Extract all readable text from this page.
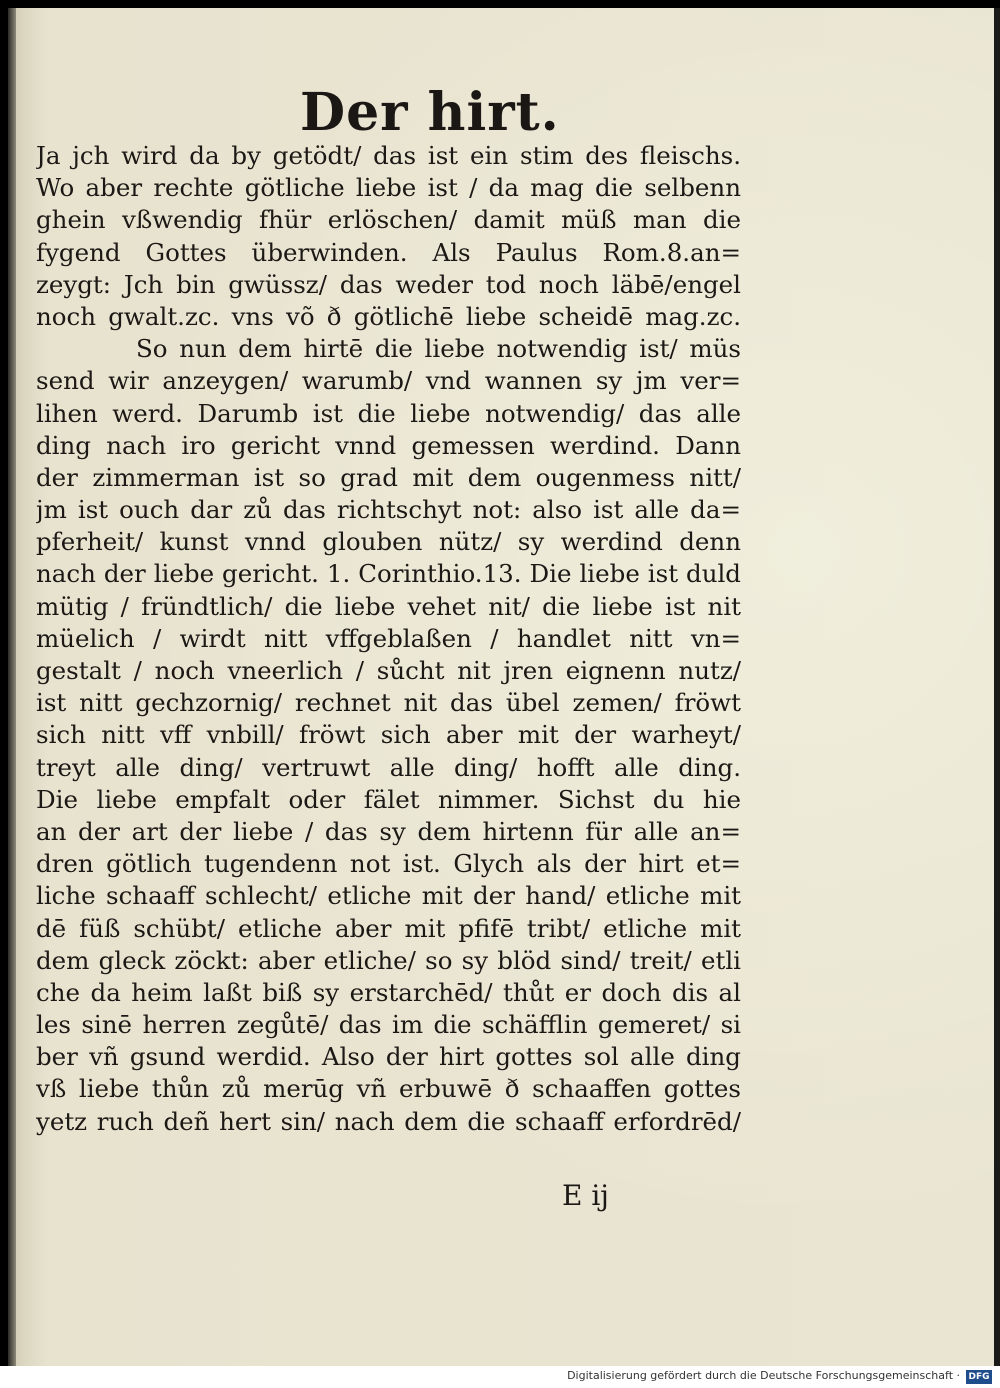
Der hirt.
Ja jch wird da by getödt/ das ist ein stim des fleischs.
Wo aber rechte götliche liebe ist / da mag die selbenn
ghein vßwendig fhür erlöschen/ damit müß man die
fygend Gottes überwinden. Als Paulus Rom.8.an=
zeygt: Jch bin gwüssz/ das weder tod noch läbē/engel
noch gwalt.zc. vns võ ð götlichē liebe scheidē mag.zc.
So nun dem hirtē die liebe notwendig ist/ müs
send wir anzeygen/ warumb/ vnd wannen sy jm ver=
lihen werd. Darumb ist die liebe notwendig/ das alle
ding nach iro gericht vnnd gemessen werdind. Dann
der zimmerman ist so grad mit dem ougenmess nitt/
jm ist ouch dar zů das richtschyt not: also ist alle da=
pferheit/ kunst vnnd glouben nütz/ sy werdind denn
nach der liebe gericht. 1. Corinthio.13. Die liebe ist duld
mütig / fründtlich/ die liebe vehet nit/ die liebe ist nit
müelich / wirdt nitt vffgeblaßen / handlet nitt vn=
gestalt / noch vneerlich / sůcht nit jren eignenn nutz/
ist nitt gechzornig/ rechnet nit das übel zemen/ fröwt
sich nitt vff vnbill/ fröwt sich aber mit der warheyt/
treyt alle ding/ vertruwt alle ding/ hofft alle ding.
Die liebe empfalt oder fälet nimmer. Sichst du hie
an der art der liebe / das sy dem hirtenn für alle an=
dren götlich tugendenn not ist. Glych als der hirt et=
liche schaaff schlecht/ etliche mit der hand/ etliche mit
dē füß schübt/ etliche aber mit pfifē tribt/ etliche mit
dem gleck zöckt: aber etliche/ so sy blöd sind/ treit/ etli
che da heim laßt biß sy erstarchēd/ thůt er doch dis al
les sinē herren zegůtē/ das im die schäfflin gemeret/ si
ber vñ gsund werdid. Also der hirt gottes sol alle ding
vß liebe thůn zů merūg vñ erbuwē ð schaaffen gottes
yetz ruch deñ hert sin/ nach dem die schaaff erfordrēd/
E ij
Digitalisierung gefördert durch die Deutsche Forschungsgemeinschaft · DFG
